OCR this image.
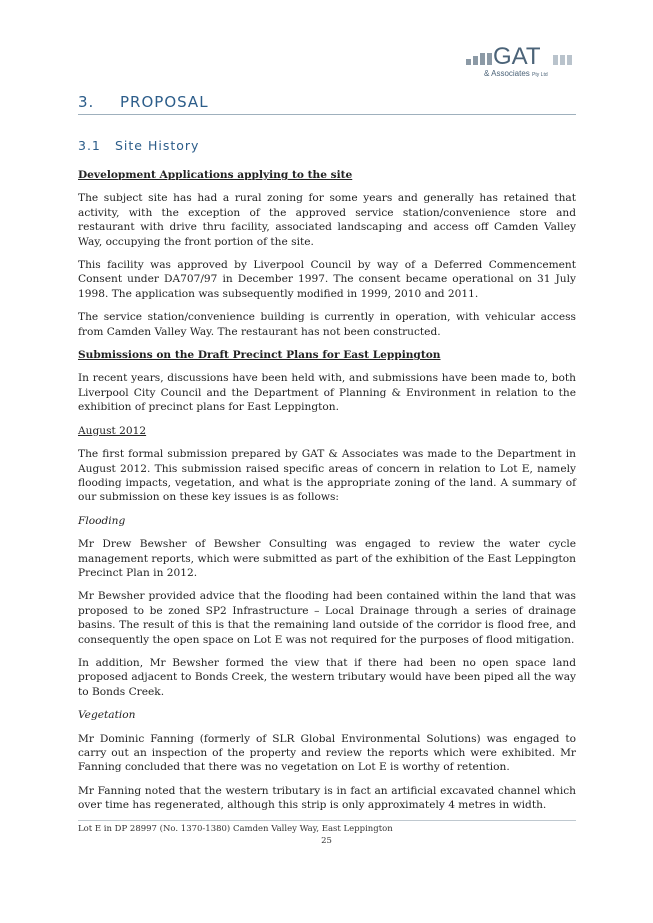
GAT
& Associates Pty Ltd
3. PROPOSAL
3.1 Site History

Development Applications applying to the site

The subject site has had a rural zoning for some years and generally has retained that activity, with the exception of the approved service station/convenience store and restaurant with drive thru facility, associated landscaping and access off Camden Valley Way, occupying the front portion of the site.

This facility was approved by Liverpool Council by way of a Deferred Commencement Consent under DA707/97 in December 1997. The consent became operational on 31 July 1998. The application was subsequently modified in 1999, 2010 and 2011.

The service station/convenience building is currently in operation, with vehicular access from Camden Valley Way. The restaurant has not been constructed.

Submissions on the Draft Precinct Plans for East Leppington

In recent years, discussions have been held with, and submissions have been made to, both Liverpool City Council and the Department of Planning & Environment in relation to the exhibition of precinct plans for East Leppington.

August 2012

The first formal submission prepared by GAT & Associates was made to the Department in August 2012. This submission raised specific areas of concern in relation to Lot E, namely flooding impacts, vegetation, and what is the appropriate zoning of the land. A summary of our submission on these key issues is as follows:

Flooding

Mr Drew Bewsher of Bewsher Consulting was engaged to review the water cycle management reports, which were submitted as part of the exhibition of the East Leppington Precinct Plan in 2012.

Mr Bewsher provided advice that the flooding had been contained within the land that was proposed to be zoned SP2 Infrastructure – Local Drainage through a series of drainage basins. The result of this is that the remaining land outside of the corridor is flood free, and consequently the open space on Lot E was not required for the purposes of flood mitigation.

In addition, Mr Bewsher formed the view that if there had been no open space land proposed adjacent to Bonds Creek, the western tributary would have been piped all the way to Bonds Creek.

Vegetation

Mr Dominic Fanning (formerly of SLR Global Environmental Solutions) was engaged to carry out an inspection of the property and review the reports which were exhibited. Mr Fanning concluded that there was no vegetation on Lot E is worthy of retention.

Mr Fanning noted that the western tributary is in fact an artificial excavated channel which over time has regenerated, although this strip is only approximately 4 metres in width.

Lot E in DP 28997 (No. 1370-1380) Camden Valley Way, East Leppington
25
